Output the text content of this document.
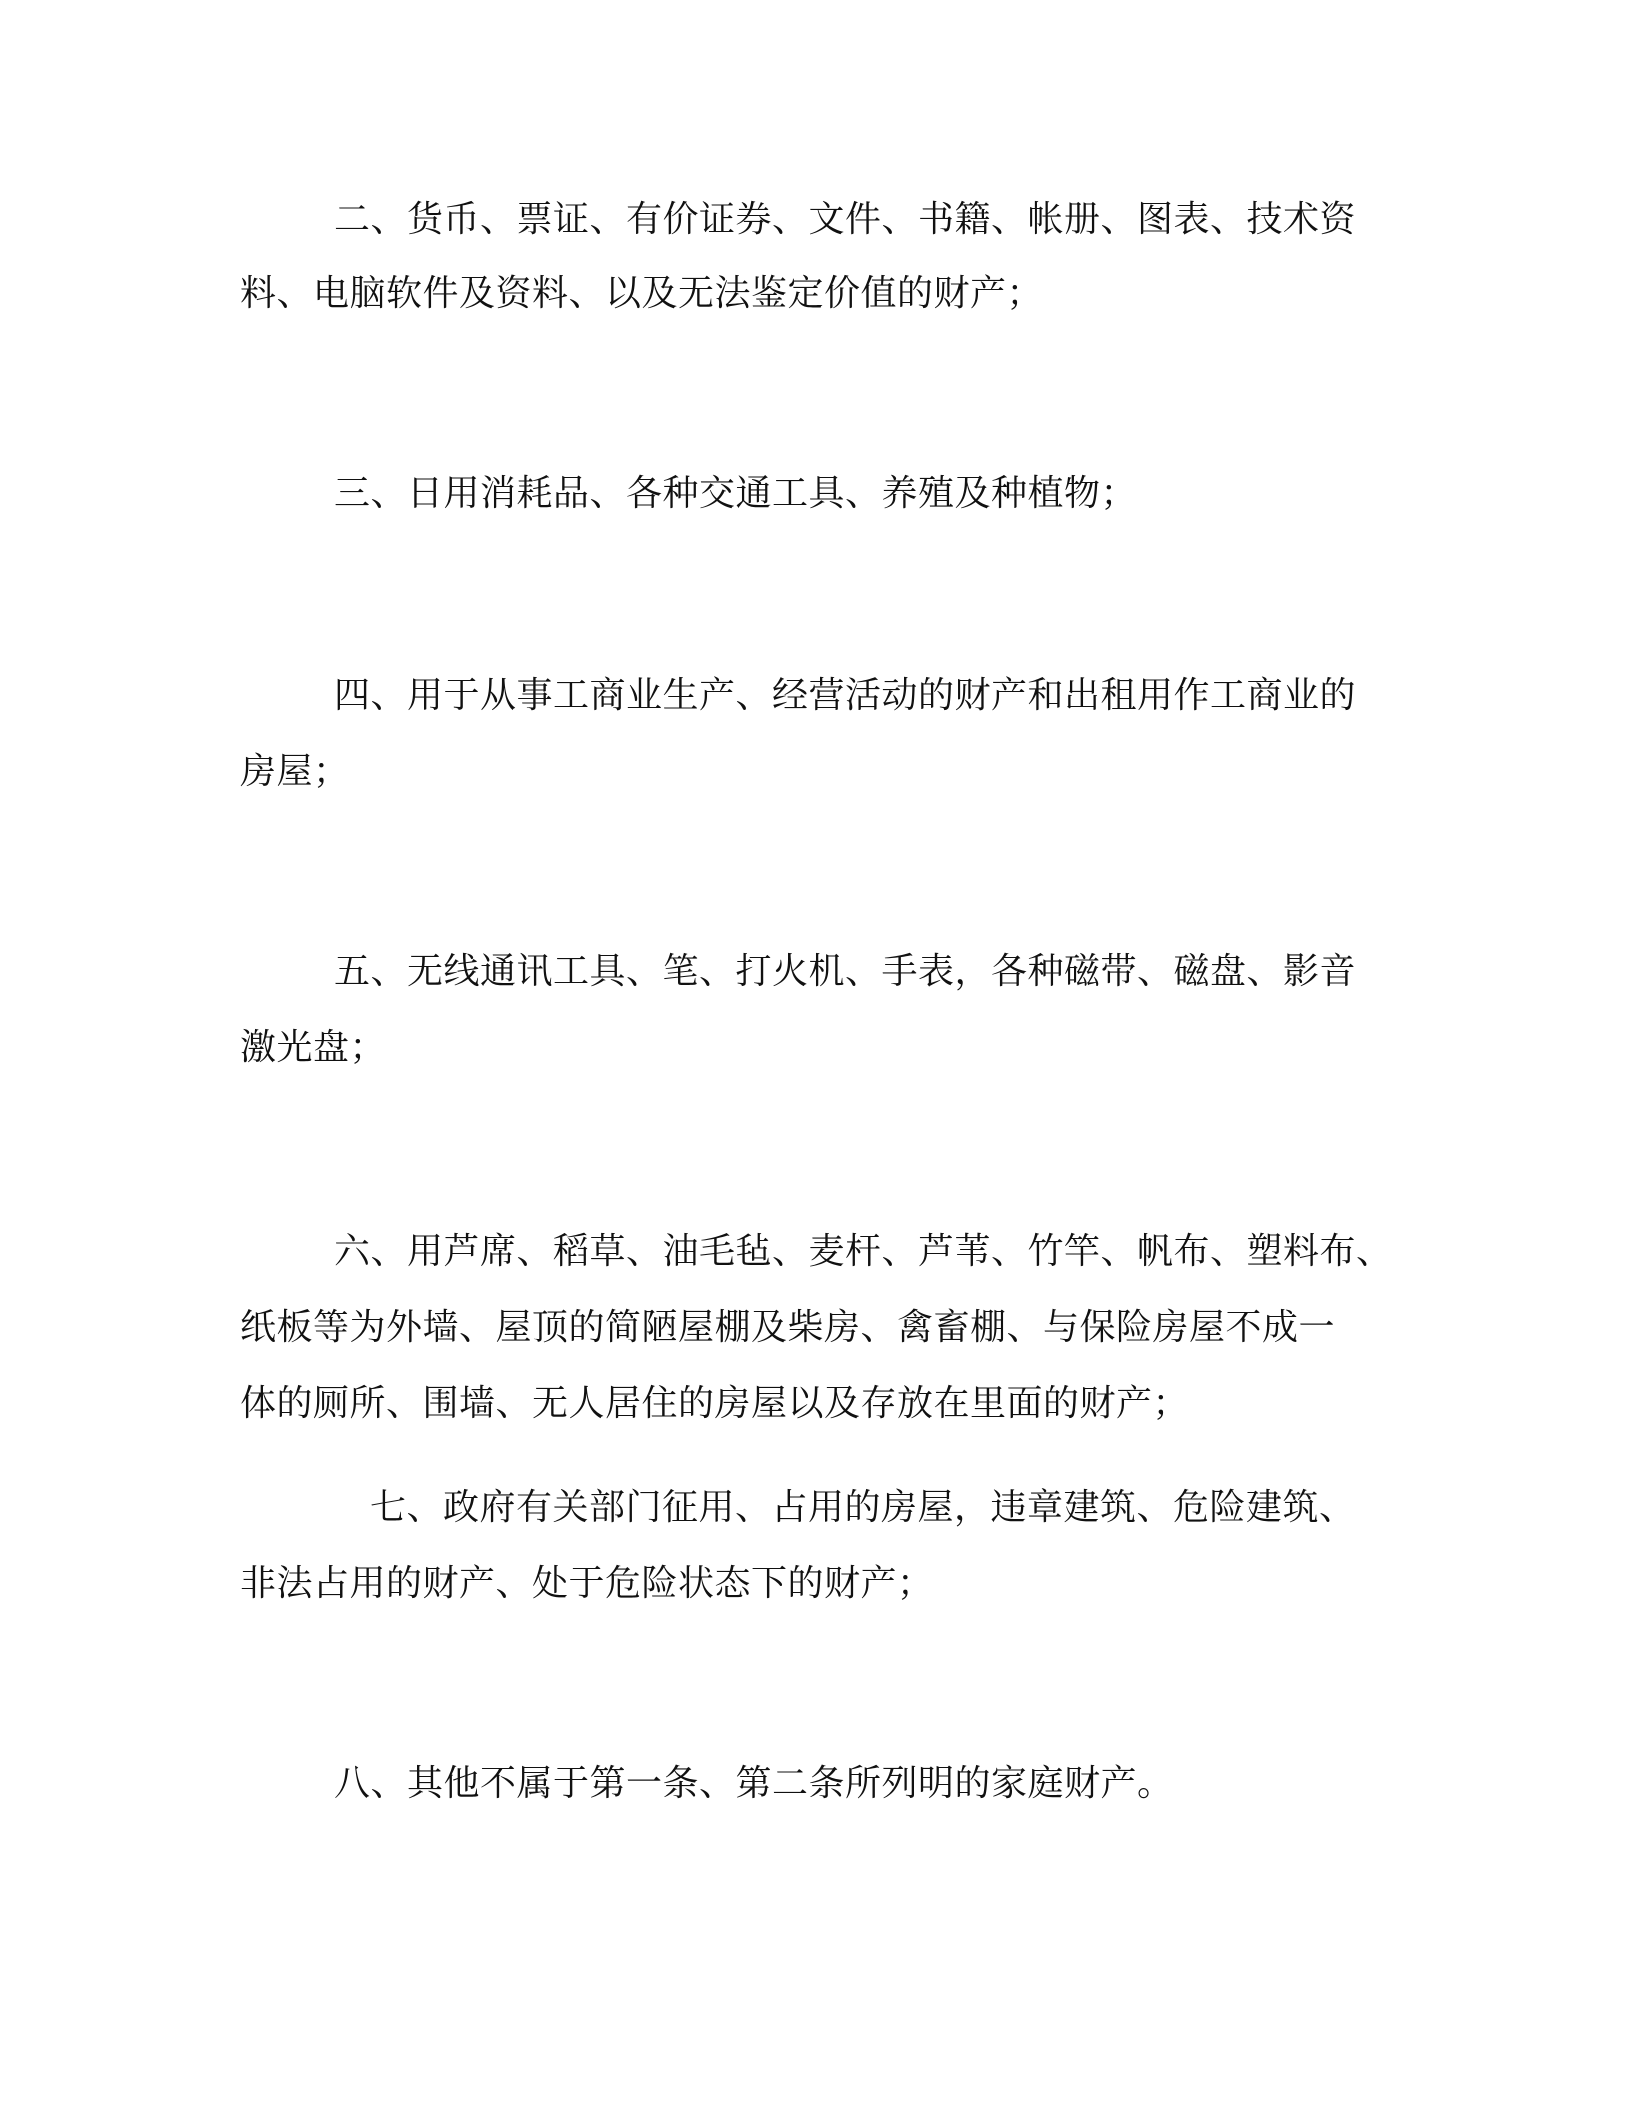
二、货币、票证、有价证券、文件、书籍、帐册、图表、技术资
料、电脑软件及资料、以及无法鉴定价值的财产；
三、日用消耗品、各种交通工具、养殖及种植物；
四、用于从事工商业生产、经营活动的财产和出租用作工商业的
房屋；
五、无线通讯工具、笔、打火机、手表，各种磁带、磁盘、影音
激光盘；
六、用芦席、稻草、油毛毡、麦杆、芦苇、竹竿、帆布、塑料布、
纸板等为外墙、屋顶的简陋屋棚及柴房、禽畜棚、与保险房屋不成一
体的厕所、围墙、无人居住的房屋以及存放在里面的财产；
七、政府有关部门征用、占用的房屋，违章建筑、危险建筑、
非法占用的财产、处于危险状态下的财产；
八、其他不属于第一条、第二条所列明的家庭财产。
